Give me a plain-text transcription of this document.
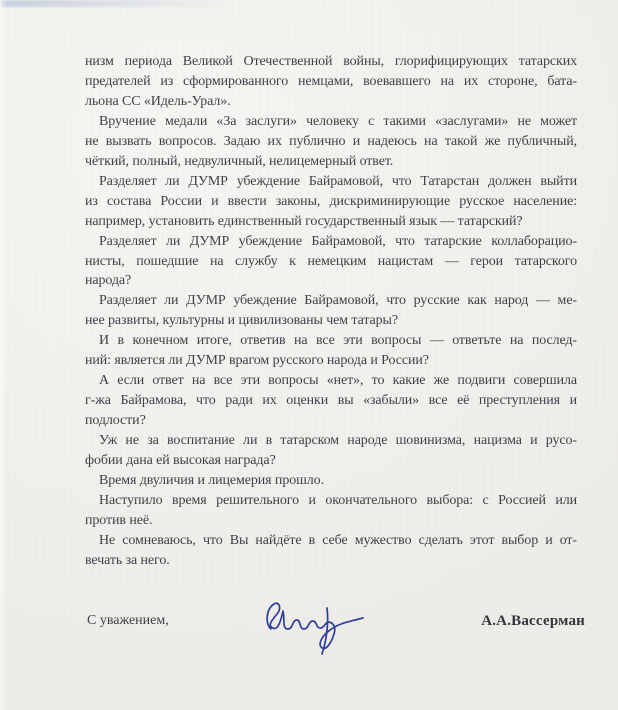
низм периода Великой Отечественной войны, глорифицирующих татарских
предателей из сформированного немцами, воевавшего на их стороне, бата-
льона СС «Идель-Урал».
Вручение медали «За заслуги» человеку с такими «заслугами» не может
не вызвать вопросов. Задаю их публично и надеюсь на такой же публичный,
чёткий, полный, недвуличный, нелицемерный ответ.
Разделяет ли ДУМР убеждение Байрамовой, что Татарстан должен выйти
из состава России и ввести законы, дискриминирующие русское население:
например, установить единственный государственный язык — татарский?
Разделяет ли ДУМР убеждение Байрамовой, что татарские коллаборацио-
нисты, пошедшие на службу к немецким нацистам — герои татарского
народа?
Разделяет ли ДУМР убеждение Байрамовой, что русские как народ — ме-
нее развиты, культурны и цивилизованы чем татары?
И в конечном итоге, ответив на все эти вопросы — ответьте на послед-
ний: является ли ДУМР врагом русского народа и России?
А если ответ на все эти вопросы «нет», то какие же подвиги совершила
г-жа Байрамова, что ради их оценки вы «забыли» все её преступления и
подлости?
Уж не за воспитание ли в татарском народе шовинизма, нацизма и русо-
фобии дана ей высокая награда?
Время двуличия и лицемерия прошло.
Наступило время решительного и окончательного выбора: с Россией или
против неё.
Не сомневаюсь, что Вы найдёте в себе мужество сделать этот выбор и от-
вечать за него.
С уважением,	А.А.Вассерман
